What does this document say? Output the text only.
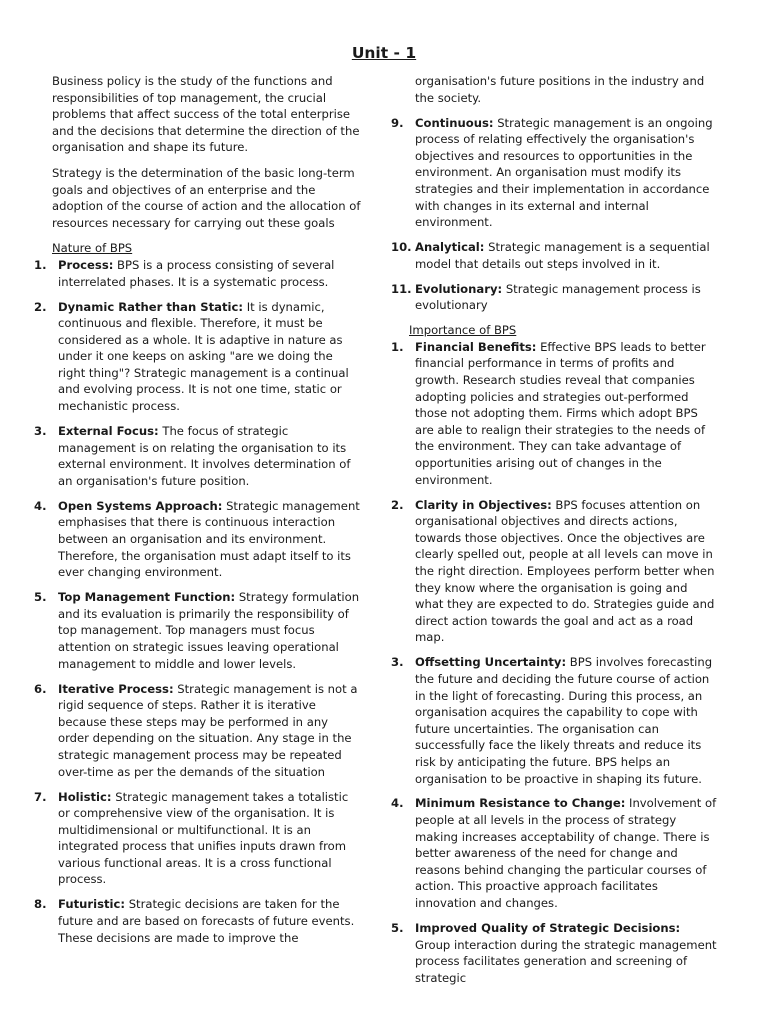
Unit - 1

Business policy is the study of the functions and responsibilities of top management, the crucial problems that affect success of the total enterprise and the decisions that determine the direction of the organisation and shape its future.

Strategy is the determination of the basic long-term goals and objectives of an enterprise and the adoption of the course of action and the allocation of resources necessary for carrying out these goals

Nature of BPS

1. Process: BPS is a process consisting of several interrelated phases. It is a systematic process.
2. Dynamic Rather than Static: It is dynamic, continuous and flexible. Therefore, it must be considered as a whole. It is adaptive in nature as under it one keeps on asking "are we doing the right thing"? Strategic management is a continual and evolving process. It is not one time, static or mechanistic process.
3. External Focus: The focus of strategic management is on relating the organisation to its external environment. It involves determination of an organisation's future position.
4. Open Systems Approach: Strategic management emphasises that there is continuous interaction between an organisation and its environment. Therefore, the organisation must adapt itself to its ever changing environment.
5. Top Management Function: Strategy formulation and its evaluation is primarily the responsibility of top management. Top managers must focus attention on strategic issues leaving operational management to middle and lower levels.
6. Iterative Process: Strategic management is not a rigid sequence of steps. Rather it is iterative because these steps may be performed in any order depending on the situation. Any stage in the strategic management process may be repeated over-time as per the demands of the situation
7. Holistic: Strategic management takes a totalistic or comprehensive view of the organisation. It is multidimensional or multifunctional. It is an integrated process that unifies inputs drawn from various functional areas. It is a cross functional process.
8. Futuristic: Strategic decisions are taken for the future and are based on forecasts of future events. These decisions are made to improve the

organisation's future positions in the industry and the society.

9. Continuous: Strategic management is an ongoing process of relating effectively the organisation's objectives and resources to opportunities in the environment. An organisation must modify its strategies and their implementation in accordance with changes in its external and internal environment.
10. Analytical: Strategic management is a sequential model that details out steps involved in it.
11. Evolutionary: Strategic management process is evolutionary

Importance of BPS

1. Financial Benefits: Effective BPS leads to better financial performance in terms of profits and growth. Research studies reveal that companies adopting policies and strategies out-performed those not adopting them. Firms which adopt BPS are able to realign their strategies to the needs of the environment. They can take advantage of opportunities arising out of changes in the environment.
2. Clarity in Objectives: BPS focuses attention on organisational objectives and directs actions, towards those objectives. Once the objectives are clearly spelled out, people at all levels can move in the right direction. Employees perform better when they know where the organisation is going and what they are expected to do. Strategies guide and direct action towards the goal and act as a road map.
3. Offsetting Uncertainty: BPS involves forecasting the future and deciding the future course of action in the light of forecasting. During this process, an organisation acquires the capability to cope with future uncertainties. The organisation can successfully face the likely threats and reduce its risk by anticipating the future. BPS helps an organisation to be proactive in shaping its future.
4. Minimum Resistance to Change: Involvement of people at all levels in the process of strategy making increases acceptability of change. There is better awareness of the need for change and reasons behind changing the particular courses of action. This proactive approach facilitates innovation and changes.
5. Improved Quality of Strategic Decisions: Group interaction during the strategic management process facilitates generation and screening of strategic
